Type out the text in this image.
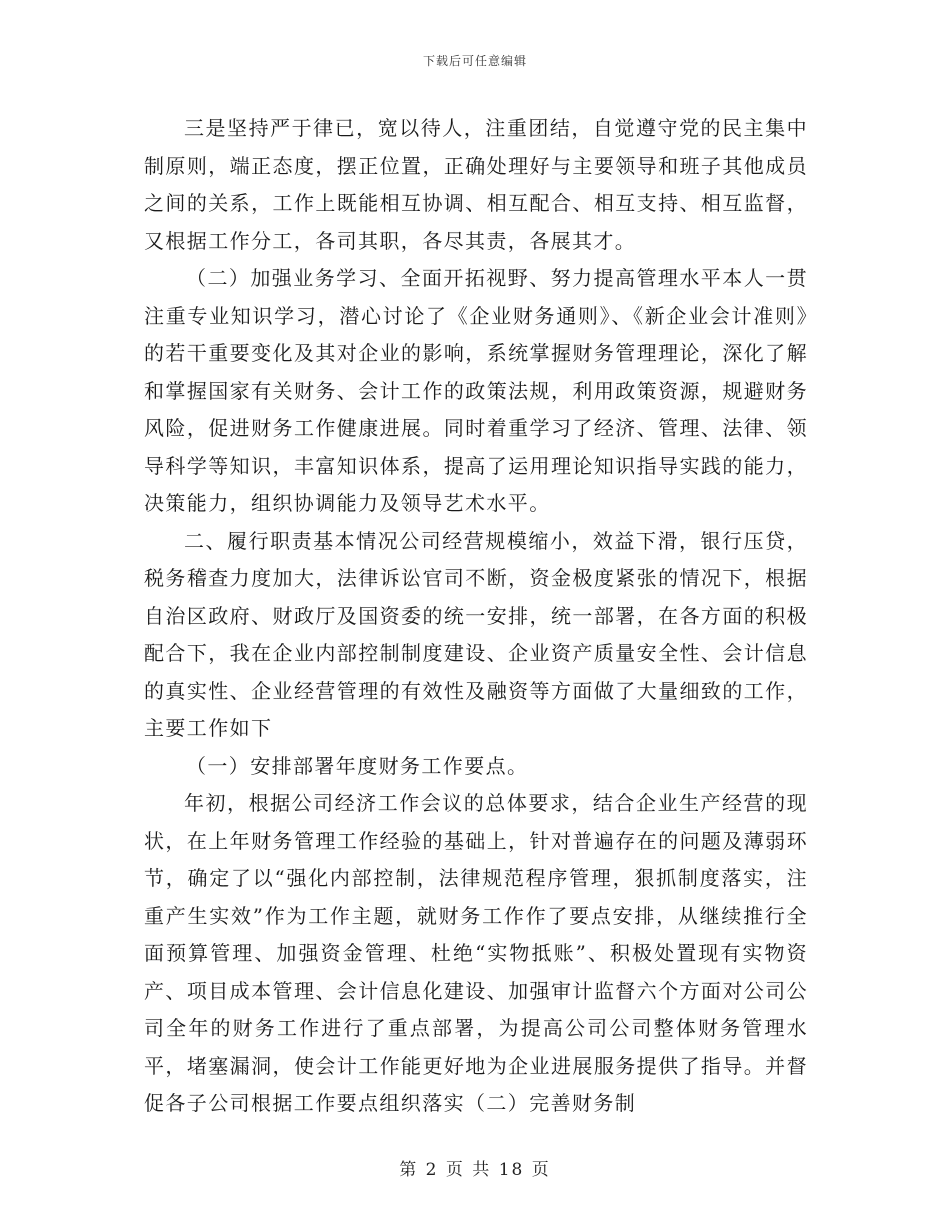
下载后可任意编辑

三是坚持严于律已，宽以待人，注重团结，自觉遵守党的民主集中制原则，端正态度，摆正位置，正确处理好与主要领导和班子其他成员之间的关系，工作上既能相互协调、相互配合、相互支持、相互监督，又根据工作分工，各司其职，各尽其责，各展其才。

（二）加强业务学习、全面开拓视野、努力提高管理水平本人一贯注重专业知识学习，潜心讨论了《企业财务通则》、《新企业会计准则》的若干重要变化及其对企业的影响，系统掌握财务管理理论，深化了解和掌握国家有关财务、会计工作的政策法规，利用政策资源，规避财务风险，促进财务工作健康进展。同时着重学习了经济、管理、法律、领导科学等知识，丰富知识体系，提高了运用理论知识指导实践的能力，决策能力，组织协调能力及领导艺术水平。

二、履行职责基本情况公司经营规模缩小，效益下滑，银行压贷，税务稽查力度加大，法律诉讼官司不断，资金极度紧张的情况下，根据自治区政府、财政厅及国资委的统一安排，统一部署，在各方面的积极配合下，我在企业内部控制制度建设、企业资产质量安全性、会计信息的真实性、企业经营管理的有效性及融资等方面做了大量细致的工作，主要工作如下

（一）安排部署年度财务工作要点。

年初，根据公司经济工作会议的总体要求，结合企业生产经营的现状，在上年财务管理工作经验的基础上，针对普遍存在的问题及薄弱环节，确定了以“强化内部控制，法律规范程序管理，狠抓制度落实，注重产生实效”作为工作主题，就财务工作作了要点安排，从继续推行全面预算管理、加强资金管理、杜绝“实物抵账”、积极处置现有实物资产、项目成本管理、会计信息化建设、加强审计监督六个方面对公司公司全年的财务工作进行了重点部署，为提高公司公司整体财务管理水平，堵塞漏洞，使会计工作能更好地为企业进展服务提供了指导。并督促各子公司根据工作要点组织落实（二）完善财务制

第 2 页 共 18 页
